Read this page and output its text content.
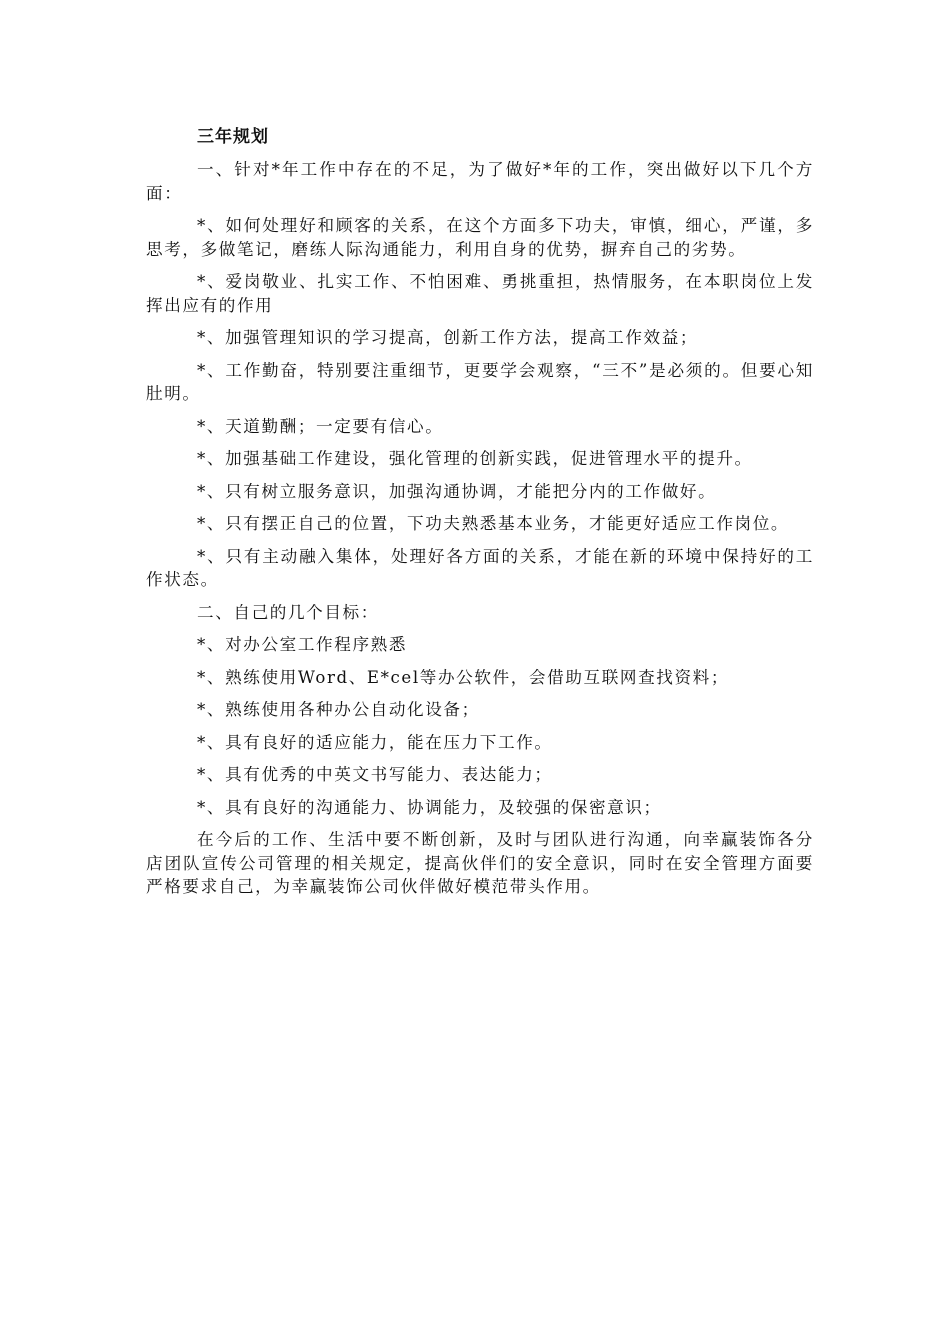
三年规划

一、针对*年工作中存在的不足，为了做好*年的工作，突出做好以下几个方面：

*、如何处理好和顾客的关系，在这个方面多下功夫，审慎，细心，严谨，多思考，多做笔记，磨练人际沟通能力，利用自身的优势，摒弃自己的劣势。

*、爱岗敬业、扎实工作、不怕困难、勇挑重担，热情服务，在本职岗位上发挥出应有的作用

*、加强管理知识的学习提高，创新工作方法，提高工作效益；

*、工作勤奋，特别要注重细节，更要学会观察，“三不”是必须的。但要心知肚明。

*、天道勤酬；一定要有信心。

*、加强基础工作建设，强化管理的创新实践，促进管理水平的提升。

*、只有树立服务意识，加强沟通协调，才能把分内的工作做好。

*、只有摆正自己的位置，下功夫熟悉基本业务，才能更好适应工作岗位。

*、只有主动融入集体，处理好各方面的关系，才能在新的环境中保持好的工作状态。

二、自己的几个目标：

*、对办公室工作程序熟悉

*、熟练使用Word、E*cel等办公软件，会借助互联网查找资料；

*、熟练使用各种办公自动化设备；

*、具有良好的适应能力，能在压力下工作。

*、具有优秀的中英文书写能力、表达能力；

*、具有良好的沟通能力、协调能力，及较强的保密意识；

在今后的工作、生活中要不断创新，及时与团队进行沟通，向幸赢装饰各分店团队宣传公司管理的相关规定，提高伙伴们的安全意识，同时在安全管理方面要严格要求自己，为幸赢装饰公司伙伴做好模范带头作用。
